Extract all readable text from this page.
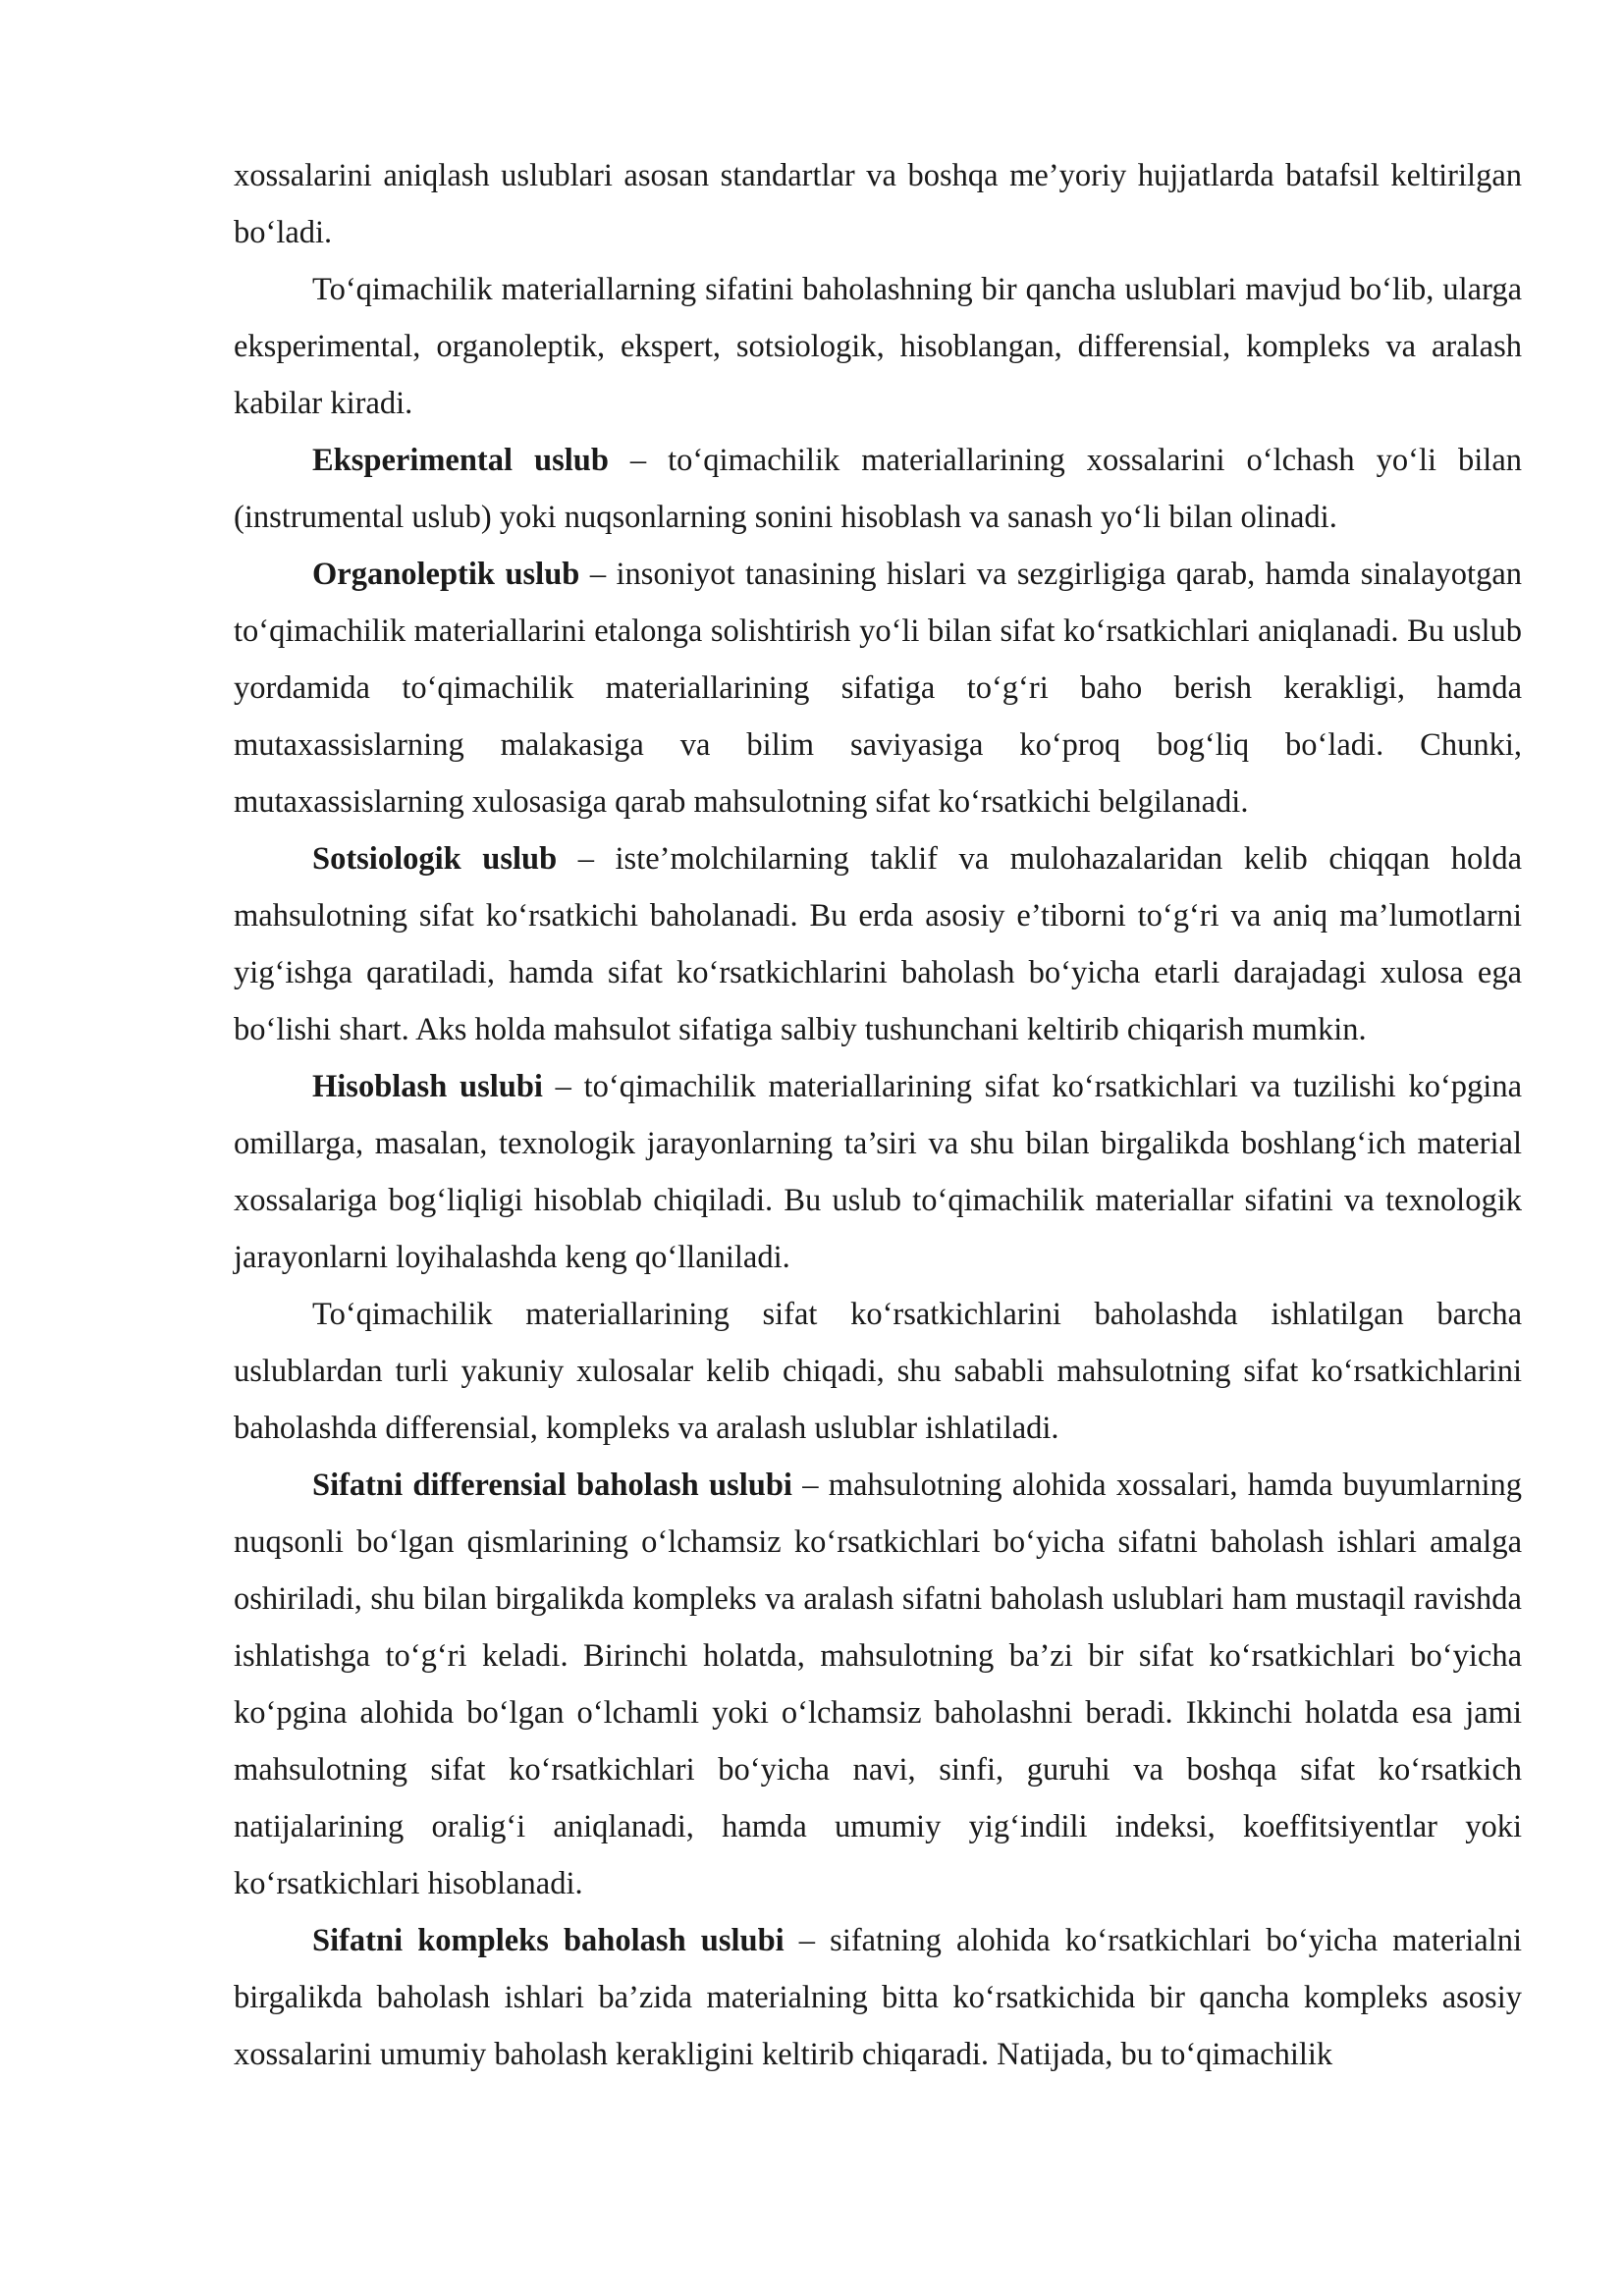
xossalarini aniqlash uslublari asosan standartlar va boshqa me’yoriy hujjatlarda batafsil keltirilgan bo‘ladi.

To‘qimachilik materiallarning sifatini baholashning bir qancha uslublari mavjud bo‘lib, ularga eksperimental, organoleptik, ekspert, sotsiologik, hisoblangan, differensial, kompleks va aralash kabilar kiradi.

Eksperimental uslub – to‘qimachilik materiallarining xossalarini o‘lchash yo‘li bilan (instrumental uslub) yoki nuqsonlarning sonini hisoblash va sanash yo‘li bilan olinadi.

Organoleptik uslub – insoniyot tanasining hislari va sezgirligiga qarab, hamda sinalayotgan to‘qimachilik materiallarini etalonga solishtirish yo‘li bilan sifat ko‘rsatkichlari aniqlanadi. Bu uslub yordamida to‘qimachilik materiallarining sifatiga to‘g‘ri baho berish kerakligi, hamda mutaxassislarning malakasiga va bilim saviyasiga ko‘proq bog‘liq bo‘ladi. Chunki, mutaxassislarning xulosasiga qarab mahsulotning sifat ko‘rsatkichi belgilanadi.

Sotsiologik uslub – iste’molchilarning taklif va mulohazalaridan kelib chiqqan holda mahsulotning sifat ko‘rsatkichi baholanadi. Bu erda asosiy e’tiborni to‘g‘ri va aniq ma’lumotlarni yig‘ishga qaratiladi, hamda sifat ko‘rsatkichlarini baholash bo‘yicha etarli darajadagi xulosa ega bo‘lishi shart. Aks holda mahsulot sifatiga salbiy tushunchani keltirib chiqarish mumkin.

Hisoblash uslubi – to‘qimachilik materiallarining sifat ko‘rsatkichlari va tuzilishi ko‘pgina omillarga, masalan, texnologik jarayonlarning ta’siri va shu bilan birgalikda boshlang‘ich material xossalariga bog‘liqligi hisoblab chiqiladi. Bu uslub to‘qimachilik materiallar sifatini va texnologik jarayonlarni loyihalashda keng qo‘llaniladi.

To‘qimachilik materiallarining sifat ko‘rsatkichlarini baholashda ishlatilgan barcha uslublardan turli yakuniy xulosalar kelib chiqadi, shu sababli mahsulotning sifat ko‘rsatkichlarini baholashda differensial, kompleks va aralash uslublar ishlatiladi.

Sifatni differensial baholash uslubi – mahsulotning alohida xossalari, hamda buyumlarning nuqsonli bo‘lgan qismlarining o‘lchamsiz ko‘rsatkichlari bo‘yicha sifatni baholash ishlari amalga oshiriladi, shu bilan birgalikda kompleks va aralash sifatni baholash uslublari ham mustaqil ravishda ishlatishga to‘g‘ri keladi. Birinchi holatda, mahsulotning ba’zi bir sifat ko‘rsatkichlari bo‘yicha ko‘pgina alohida bo‘lgan o‘lchamli yoki o‘lchamsiz baholashni beradi. Ikkinchi holatda esa jami mahsulotning sifat ko‘rsatkichlari bo‘yicha navi, sinfi, guruhi va boshqa sifat ko‘rsatkich natijalarining oralig‘i aniqlanadi, hamda umumiy yig‘indili indeksi, koeffitsiyentlar yoki ko‘rsatkichlari hisoblanadi.

Sifatni kompleks baholash uslubi – sifatning alohida ko‘rsatkichlari bo‘yicha materialni birgalikda baholash ishlari ba’zida materialning bitta ko‘rsatkichida bir qancha kompleks asosiy xossalarini umumiy baholash kerakligini keltirib chiqaradi. Natijada, bu to‘qimachilik
